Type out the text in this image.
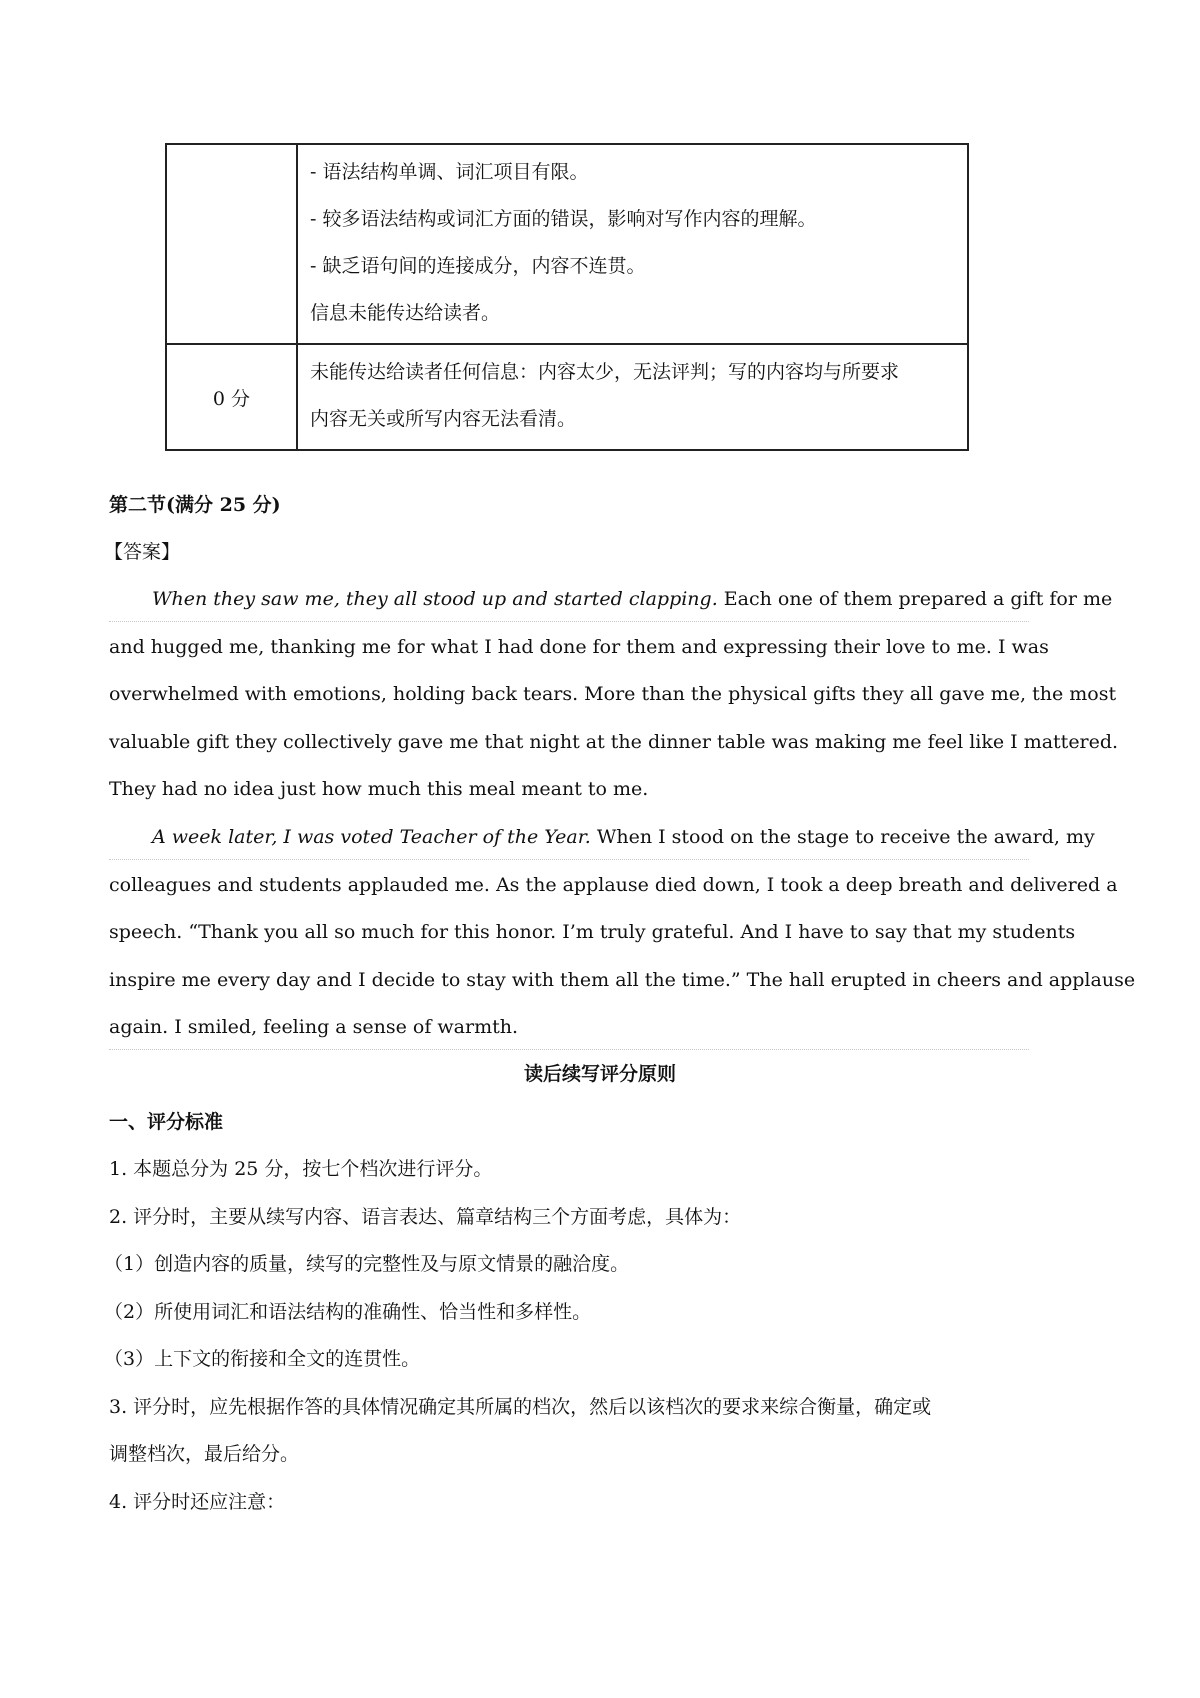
	- 语法结构单调、词汇项目有限。
- 较多语法结构或词汇方面的错误，影响对写作内容的理解。
- 缺乏语句间的连接成分，内容不连贯。
信息未能传达给读者。

0 分	未能传达给读者任何信息：内容太少，无法评判；写的内容均与所要求
内容无关或所写内容无法看清。
第二节(满分 25 分)
【答案】
When they saw me, they all stood up and started clapping. Each one of them prepared a gift for me
and hugged me, thanking me for what I had done for them and expressing their love to me. I was
overwhelmed with emotions, holding back tears. More than the physical gifts they all gave me, the most
valuable gift they collectively gave me that night at the dinner table was making me feel like I mattered.
They had no idea just how much this meal meant to me.
A week later, I was voted Teacher of the Year. When I stood on the stage to receive the award, my
colleagues and students applauded me. As the applause died down, I took a deep breath and delivered a
speech. “Thank you all so much for this honor. I’m truly grateful. And I have to say that my students
inspire me every day and I decide to stay with them all the time.” The hall erupted in cheers and applause
again. I smiled, feeling a sense of warmth.
读后续写评分原则
一、评分标准
1. 本题总分为 25 分，按七个档次进行评分。
2. 评分时，主要从续写内容、语言表达、篇章结构三个方面考虑，具体为：
（1）创造内容的质量，续写的完整性及与原文情景的融洽度。
（2）所使用词汇和语法结构的准确性、恰当性和多样性。
（3）上下文的衔接和全文的连贯性。
3. 评分时，应先根据作答的具体情况确定其所属的档次，然后以该档次的要求来综合衡量，确定或
调整档次，最后给分。
4. 评分时还应注意：
